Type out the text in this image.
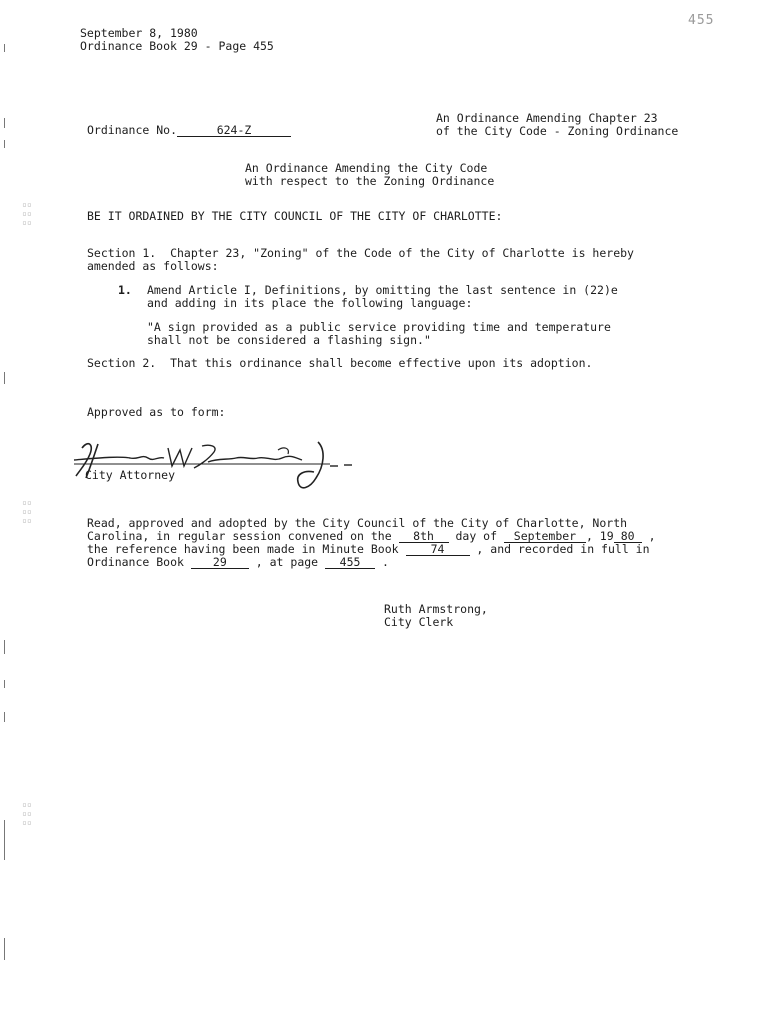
September 8, 1980
Ordinance Book 29 - Page 455
455
Ordinance No.	624-Z
An Ordinance Amending Chapter 23
of the City Code - Zoning Ordinance
An Ordinance Amending the City Code
with respect to the Zoning Ordinance
BE IT ORDAINED BY THE CITY COUNCIL OF THE CITY OF CHARLOTTE:
Section 1.  Chapter 23, "Zoning" of the Code of the City of Charlotte is hereby
amended as follows:
1. Amend Article I, Definitions, by omitting the last sentence in (22)e
and adding in its place the following language:
"A sign provided as a public service providing time and temperature
shall not be considered a flashing sign."
Section 2.  That this ordinance shall become effective upon its adoption.
Approved as to form:
City Attorney
Read, approved and adopted by the City Council of the City of Charlotte, North
Carolina, in regular session convened on the 8th day of September , 19 80 ,
the reference having been made in Minute Book 74 , and recorded in full in
Ordinance Book 29 , at page 455 .
Ruth Armstrong,
City Clerk
▫▫
▫▫
▫▫
▫▫
▫▫
▫▫
▫▫
▫▫
▫▫
